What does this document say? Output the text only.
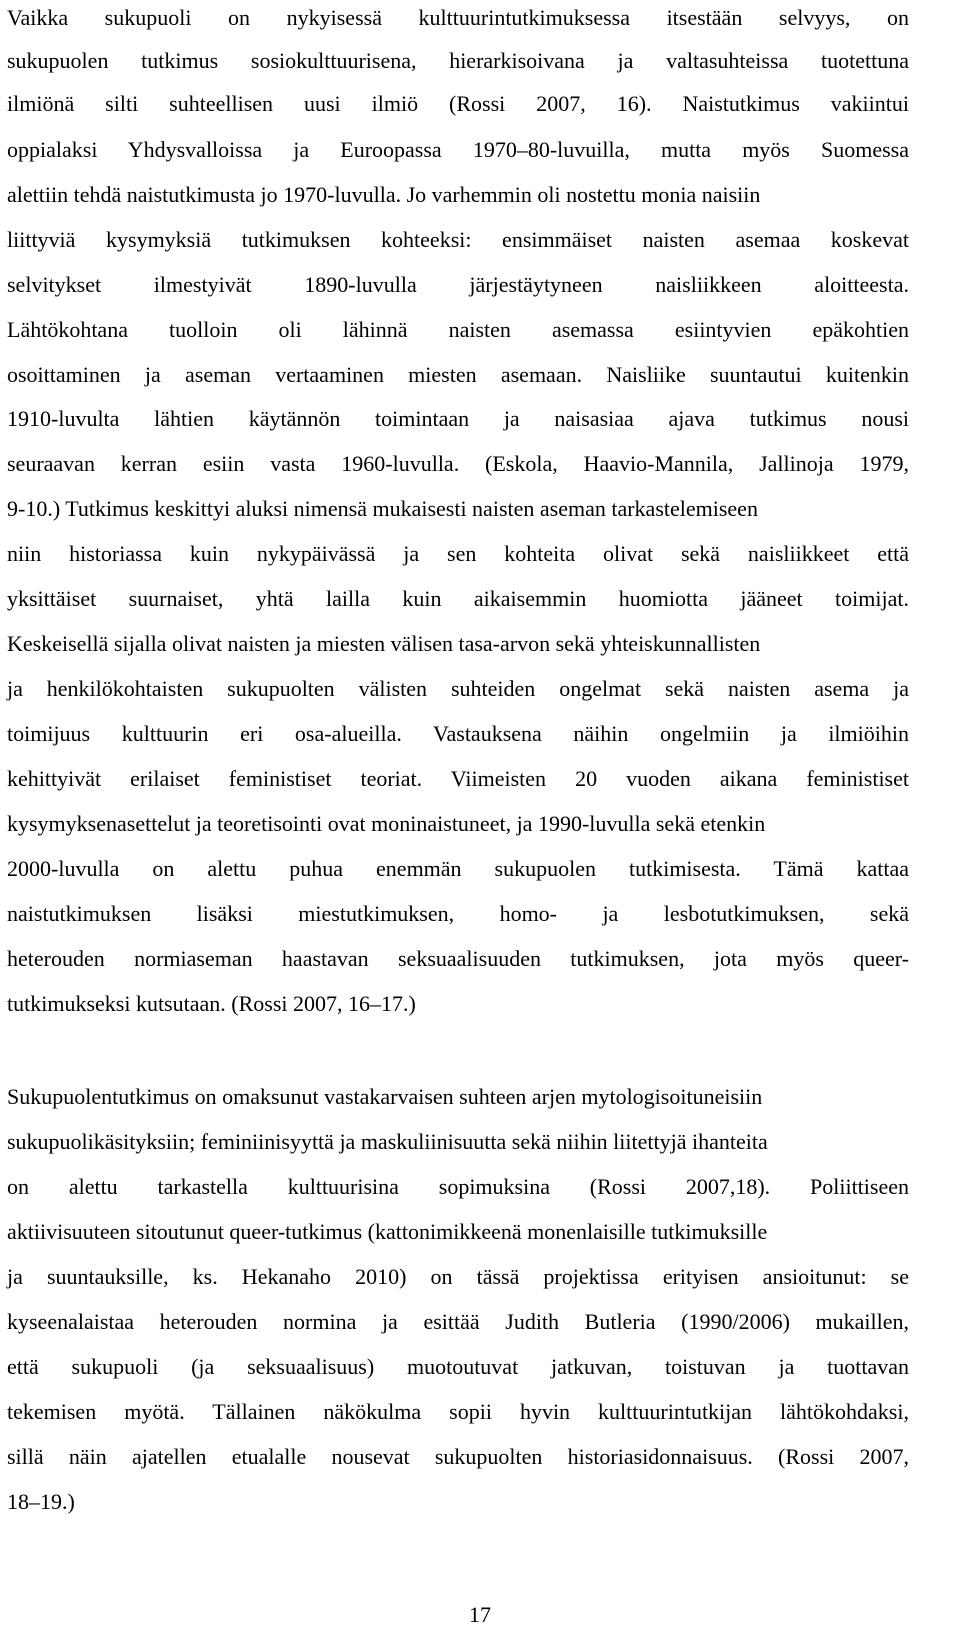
Vaikka sukupuoli on nykyisessä kulttuurintutkimuksessa itsestään selvyys, on
sukupuolen tutkimus sosiokulttuurisena, hierarkisoivana ja valtasuhteissa tuotettuna
ilmiönä silti suhteellisen uusi ilmiö (Rossi 2007, 16). Naistutkimus vakiintui
oppialaksi Yhdysvalloissa ja Euroopassa 1970–80-luvuilla, mutta myös Suomessa
alettiin tehdä naistutkimusta jo 1970-luvulla. Jo varhemmin oli nostettu monia naisiin
liittyviä kysymyksiä tutkimuksen kohteeksi: ensimmäiset naisten asemaa koskevat
selvitykset ilmestyivät 1890-luvulla järjestäytyneen naisliikkeen aloitteesta.
Lähtökohtana tuolloin oli lähinnä naisten asemassa esiintyvien epäkohtien
osoittaminen ja aseman vertaaminen miesten asemaan. Naisliike suuntautui kuitenkin
1910-luvulta lähtien käytännön toimintaan ja naisasiaa ajava tutkimus nousi
seuraavan kerran esiin vasta 1960-luvulla. (Eskola, Haavio-Mannila, Jallinoja 1979,
9-10.) Tutkimus keskittyi aluksi nimensä mukaisesti naisten aseman tarkastelemiseen
niin historiassa kuin nykypäivässä ja sen kohteita olivat sekä naisliikkeet että
yksittäiset suurnaiset, yhtä lailla kuin aikaisemmin huomiotta jääneet toimijat.
Keskeisellä sijalla olivat naisten ja miesten välisen tasa-arvon sekä yhteiskunnallisten
ja henkilökohtaisten sukupuolten välisten suhteiden ongelmat sekä naisten asema ja
toimijuus kulttuurin eri osa-alueilla. Vastauksena näihin ongelmiin ja ilmiöihin
kehittyivät erilaiset feministiset teoriat. Viimeisten 20 vuoden aikana feministiset
kysymyksenasettelut ja teoretisointi ovat moninaistuneet, ja 1990-luvulla sekä etenkin
2000-luvulla on alettu puhua enemmän sukupuolen tutkimisesta. Tämä kattaa
naistutkimuksen lisäksi miestutkimuksen, homo- ja lesbotutkimuksen, sekä
heterouden normiaseman haastavan seksuaalisuuden tutkimuksen, jota myös queer-
tutkimukseksi kutsutaan. (Rossi 2007, 16–17.)
Sukupuolentutkimus on omaksunut vastakarvaisen suhteen arjen mytologisoituneisiin
sukupuolikäsityksiin; feminiinisyyttä ja maskuliinisuutta sekä niihin liitettyjä ihanteita
on alettu tarkastella kulttuurisina sopimuksina (Rossi 2007,18). Poliittiseen
aktiivisuuteen sitoutunut queer-tutkimus (kattonimikkeenä monenlaisille tutkimuksille
ja suuntauksille, ks. Hekanaho 2010) on tässä projektissa erityisen ansioitunut: se
kyseenalaistaa heterouden normina ja esittää Judith Butleria (1990/2006) mukaillen,
että sukupuoli (ja seksuaalisuus) muotoutuvat jatkuvan, toistuvan ja tuottavan
tekemisen myötä. Tällainen näkökulma sopii hyvin kulttuurintutkijan lähtökohdaksi,
sillä näin ajatellen etualalle nousevat sukupuolten historiasidonnaisuus. (Rossi 2007,
18–19.)
17
